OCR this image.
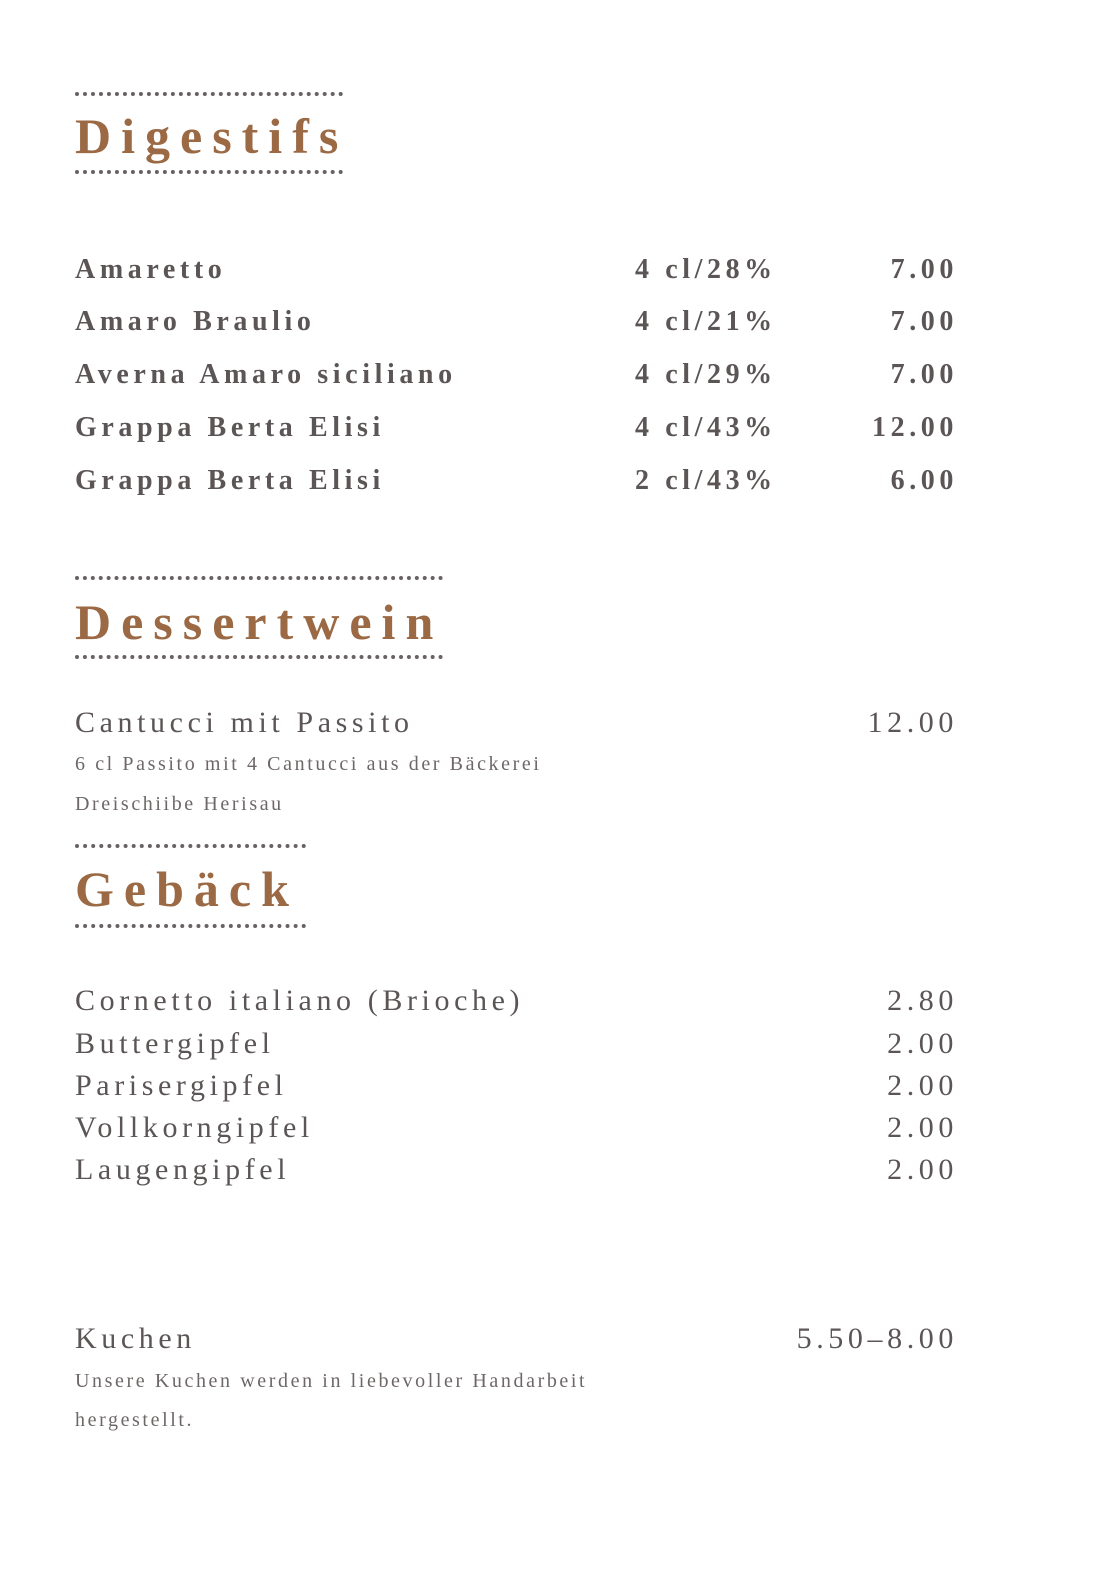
Digestifs
Amaretto	4 cl/28%	7.00
Amaro Braulio	4 cl/21%	7.00
Averna Amaro siciliano	4 cl/29%	7.00
Grappa Berta Elisi	4 cl/43%	12.00
Grappa Berta Elisi	2 cl/43%	6.00
Dessertwein
Cantucci mit Passito	12.00
6 cl Passito mit 4 Cantucci aus der Bäckerei
Dreischiibe Herisau
Gebäck
Cornetto italiano (Brioche)	2.80
Buttergipfel	2.00
Parisergipfel	2.00
Vollkorngipfel	2.00
Laugengipfel	2.00
Kuchen	5.50–8.00
Unsere Kuchen werden in liebevoller Handarbeit
hergestellt.
